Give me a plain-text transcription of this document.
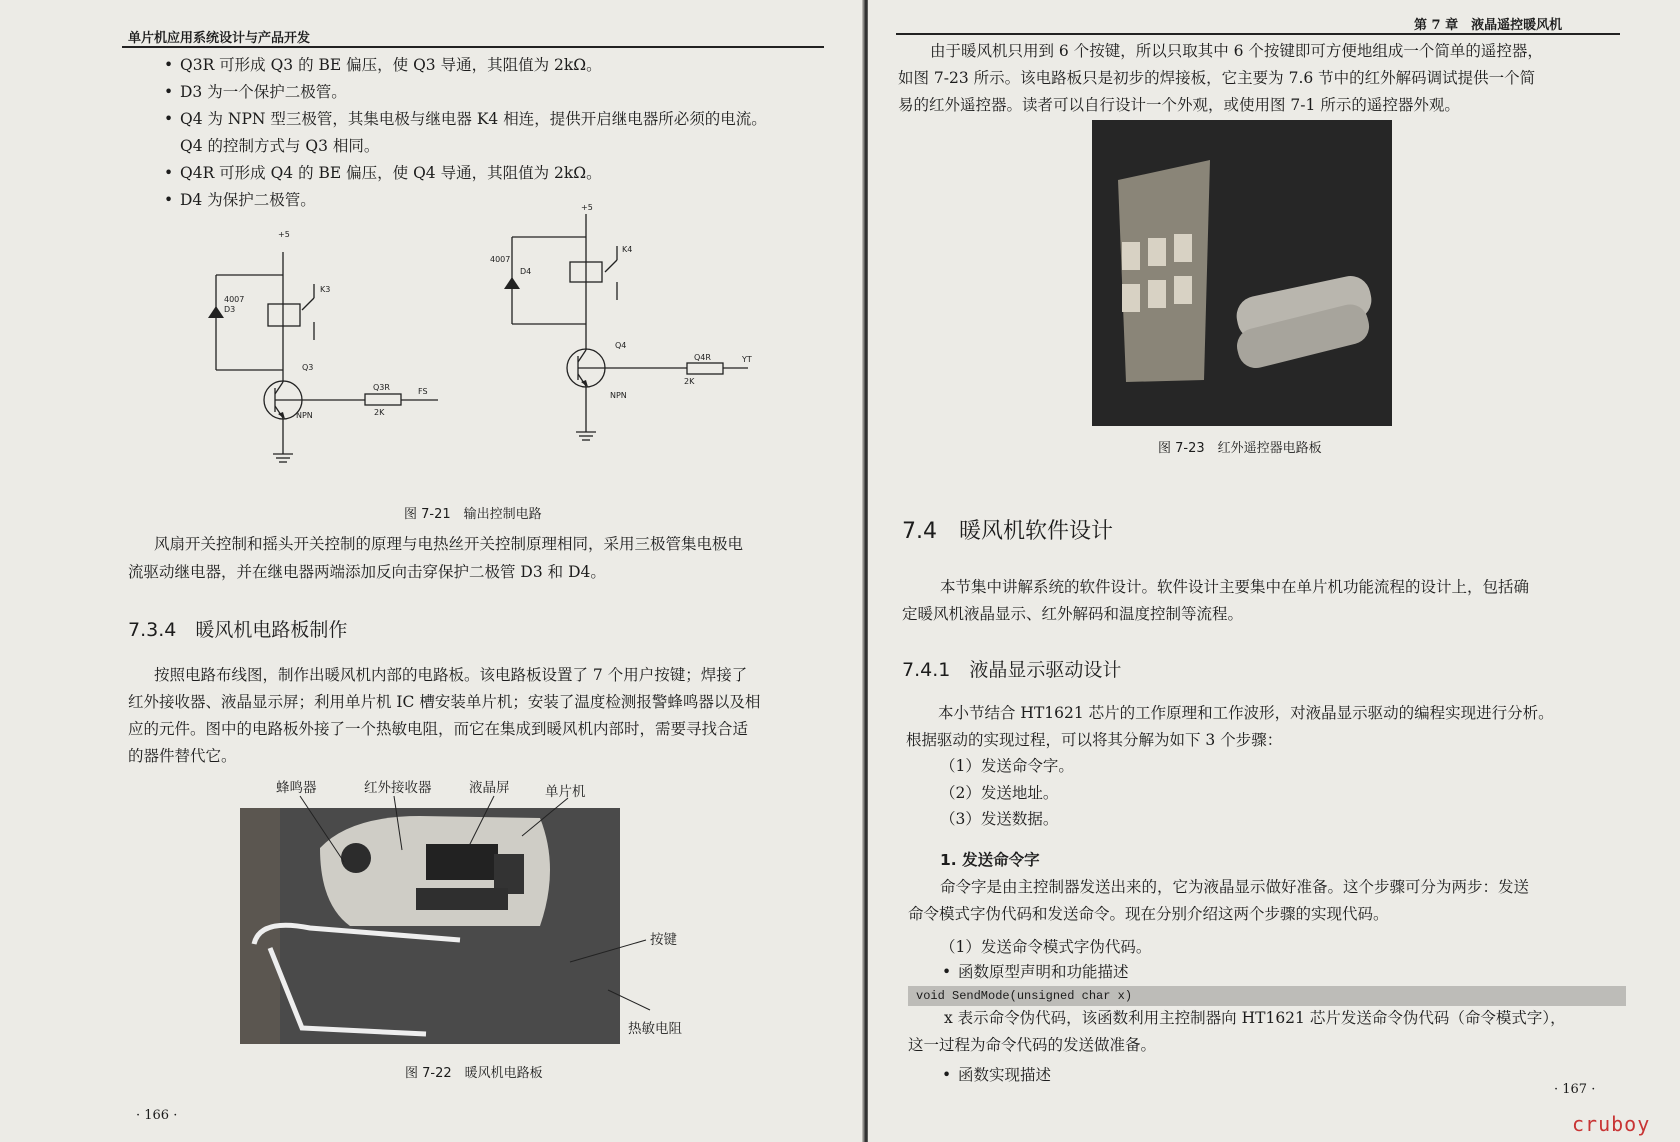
单片机应用系统设计与产品开发
• Q3R 可形成 Q3 的 BE 偏压，使 Q3 导通，其阻值为 2kΩ。
• D3 为一个保护二极管。
• Q4 为 NPN 型三极管，其集电极与继电器 K4 相连，提供开启继电器所必须的电流。
Q4 的控制方式与 Q3 相同。
• Q4R 可形成 Q4 的 BE 偏压，使 Q4 导通，其阻值为 2kΩ。
• D4 为保护二极管。
+5
4007
D3
K3
Q3
NPN
Q3R
2K
FS
+5
4007
D4
K4
Q4
NPN
Q4R
2K
YT
图 7-21　输出控制电路
风扇开关控制和摇头开关控制的原理与电热丝开关控制原理相同，采用三极管集电极电
流驱动继电器，并在继电器两端添加反向击穿保护二极管 D3 和 D4。
7.3.4　暖风机电路板制作
按照电路布线图，制作出暖风机内部的电路板。该电路板设置了 7 个用户按键；焊接了
红外接收器、液晶显示屏；利用单片机 IC 槽安装单片机；安装了温度检测报警蜂鸣器以及相
应的元件。图中的电路板外接了一个热敏电阻，而它在集成到暖风机内部时，需要寻找合适
的器件替代它。
蜂鸣器	红外接收器	液晶屏	单片机
按键
热敏电阻
图 7-22　暖风机电路板
· 166 ·
第 7 章　液晶遥控暖风机
由于暖风机只用到 6 个按键，所以只取其中 6 个按键即可方便地组成一个简单的遥控器，
如图 7-23 所示。该电路板只是初步的焊接板，它主要为 7.6 节中的红外解码调试提供一个简
易的红外遥控器。读者可以自行设计一个外观，或使用图 7-1 所示的遥控器外观。
图 7-23　红外遥控器电路板
7.4　暖风机软件设计
本节集中讲解系统的软件设计。软件设计主要集中在单片机功能流程的设计上，包括确
定暖风机液晶显示、红外解码和温度控制等流程。
7.4.1　液晶显示驱动设计
本小节结合 HT1621 芯片的工作原理和工作波形，对液晶显示驱动的编程实现进行分析。
根据驱动的实现过程，可以将其分解为如下 3 个步骤：
（1）发送命令字。
（2）发送地址。
（3）发送数据。
1. 发送命令字
命令字是由主控制器发送出来的，它为液晶显示做好准备。这个步骤可分为两步：发送
命令模式字伪代码和发送命令。现在分别介绍这两个步骤的实现代码。
（1）发送命令模式字伪代码。
• 函数原型声明和功能描述
void SendMode(unsigned char x)
x 表示命令伪代码，该函数利用主控制器向 HT1621 芯片发送命令伪代码（命令模式字），
这一过程为命令代码的发送做准备。
• 函数实现描述
· 167 ·
cruboy
